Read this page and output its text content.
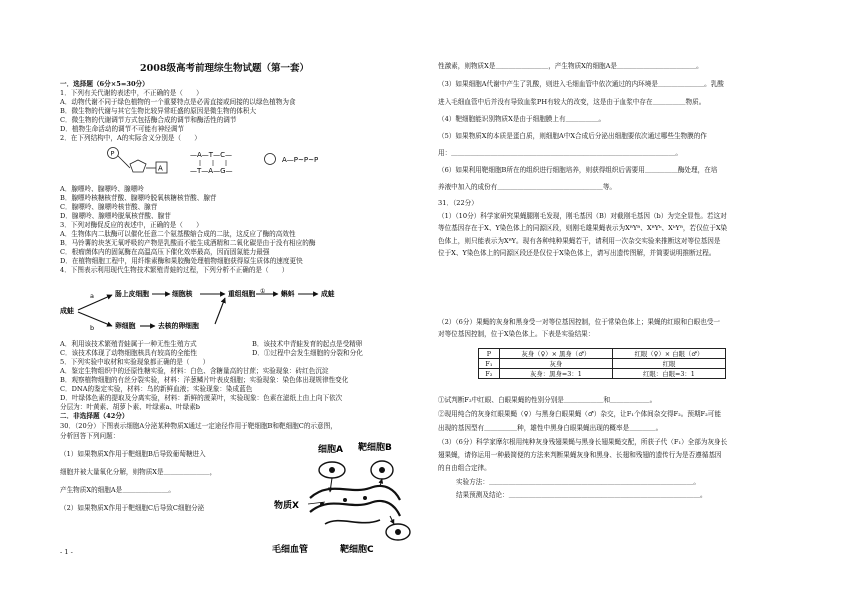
2008级高考前理综生物试题（第一套）
一．选择题（6分×5=30分）
1．下列有关代谢的表述中，不正确的是（　　）
A．动物代谢不同于绿色植物的一个重要特点是必需直接或间接的以绿色植物为食
B．微生物的代谢与其它生物比较异常旺盛的原因是微生物的体积大
C．微生物的代谢调节方式包括酶合成的调节和酶活性的调节
D．植物生命活动的调节不可能有神经调节
2．在下列结构中，A的实际含义分别是（　　）
P
A
—A—T—C—
—T—A—G—
A—P~P~P
A．腺嘌呤、腺嘌呤、腺嘌呤
B．腺嘌呤核糖核苷酸、腺嘌呤脱氧核糖核苷酸、腺苷
C．腺嘌呤、腺嘌呤核苷酸、腺苷
D．腺嘌呤、腺嘌呤脱氧核苷酸、腺苷
3．下列对酶促反应的表述中，正确的是（　　）
A．生物体内二肽酶可以催化任意二个氨基酸缩合成的二肽，这反应了酶的高效性
B．马铃薯的块茎无氧呼吸的产物是乳酸而不能生成酒精和二氧化碳是由于没有相应的酶
C．根瘤菌体内的固氮酶在高温高压下催化效率最高，因而固氮能力最强
D．在植物细胞工程中，用纤维素酶和果胶酶处理植物细胞获得原生质体的速度更快
4．下图表示利用现代生物技术繁殖青蛙的过程，下列分析不正确的是（　　）
成蛙
a
b
肠上皮细胞	细胞核	重组细胞 ① 蝌蚪	成蛙
卵细胞	去核的卵细胞
A．利用该技术繁殖青蛙属于一种无性生殖方式	B．该技术中青蛙发育的起点是受精卵
C．该技术体现了动物细胞核具有较高的全能性	D．①过程中会发生细胞的分裂和分化
5．下列实验中取材和实验现象都正确的是（　　）
A．鉴定生物组织中的还原性糖实验，材料：白色、含糖量高的甘蔗；实验现象：砖红色沉淀
B．观察植物细胞的有丝分裂实验，材料：洋葱鳞片叶表皮细胞；实验现象：染色体出现规律性变化
C．DNA的鉴定实验，材料：鸟的新鲜血液；实验现象：染成蓝色
D．叶绿体色素的提取及分离实验，材料：新鲜的菠菜叶，实验现象：色素在滤纸上由上向下依次
分层为：叶黄素、胡萝卜素、叶绿素a、叶绿素b
二．非选择题（42分）
30．（20分）下图表示细胞A分泌某种物质X通过一定途径作用于靶细胞B和靶细胞C的示意图，
分析回答下列问题：
（1）如果物质X作用于靶细胞B后导致葡萄糖进入
细胞并被大量氧化分解，则物质X是＿＿＿＿＿＿＿，
产生物质X的细胞A是＿＿＿＿＿＿＿。
（2）如果物质X作用于靶细胞C后导致C细胞分泌
细胞A 靶细胞B
物质X
毛细血管	靶细胞C
性激素，则物质X是＿＿＿＿＿＿＿＿，产生物质X的细胞A是＿＿＿＿＿＿＿＿＿＿＿＿。
（3）如果细胞A代谢中产生了乳酸，则进入毛细血管中依次通过的内环境是＿＿＿＿＿＿＿。乳酸
进入毛细血管中后并没有导致血浆PH有较大的改变，这是由于血浆中存在＿＿＿＿＿物质。
（4）靶细胞能识别物质X是由于细胞膜上有＿＿＿＿＿。
（5）如果物质X的本质是蛋白质，则细胞A中X合成后分泌出细胞要依次通过哪些生物膜的作
用：＿＿＿＿＿＿＿＿＿＿＿＿＿＿＿＿＿＿＿＿＿＿＿＿＿＿＿＿＿＿＿＿＿＿。
（6）如果利用靶细胞B所在的组织进行细胞培养，则获得组织后需要用＿＿＿＿＿酶处理，在培
养液中加入的成份有＿＿＿＿＿＿＿＿＿＿＿＿＿＿＿＿等。
31．（22分）
（1）（10分）科学家研究果蝇腿刚毛发现，刚毛基因（B）对截刚毛基因（b）为完全显性。若这对
等位基因存在于X、Y染色体上的同源区段，则刚毛雄果蝇表示为XᴮYᴮ、XᴮYᵇ、XᵇYᴮ，若仅位于X染
色体上，则只能表示为XᴮY。现有各种纯种果蝇若干，请利用一次杂交实验来推断这对等位基因是
位于X、Y染色体上的同源区段还是仅位于X染色体上，请写出遗传图解，并简要说明推断过程。
（2）（6分）果蝇的灰身和黑身受一对等位基因控制，位于常染色体上；果蝇的红眼和白眼也受一
对等位基因控制，位于X染色体上。下表是实验结果：
P	灰身（♀）× 黑身（♂）	红眼（♀）× 白眼（♂）
F₁	灰身	红眼
F₂	灰身：黑身=3：1	红眼：白眼=3：1
①试判断F₂中红眼、白眼果蝇的性别分别是＿＿＿＿＿＿和＿＿＿＿＿＿。
②现用纯合的灰身红眼果蝇（♀）与黑身白眼果蝇（♂）杂交，让F₁个体间杂交得F₂。预期F₂可能
出现的基因型有＿＿＿＿＿种，雄性中黑身白眼果蝇出现的概率是＿＿＿＿。
（3）（6分）科学家摩尔根用纯种灰身残翅果蝇与黑身长翅果蝇交配，所获子代（F₁）全部为灰身长
翅果蝇，请你运用一种最简便的方法来判断果蝇灰身和黑身、长翅和残翅的遗传行为是否遵循基因
的自由组合定律。
实验方法：＿＿＿＿＿＿＿＿＿＿＿＿＿＿＿＿＿＿＿＿＿＿＿＿＿＿＿＿＿＿＿。
结果预测及结论：＿＿＿＿＿＿＿＿＿＿＿＿＿＿＿＿＿＿＿＿＿＿＿＿＿＿＿＿＿。
- 1 -
